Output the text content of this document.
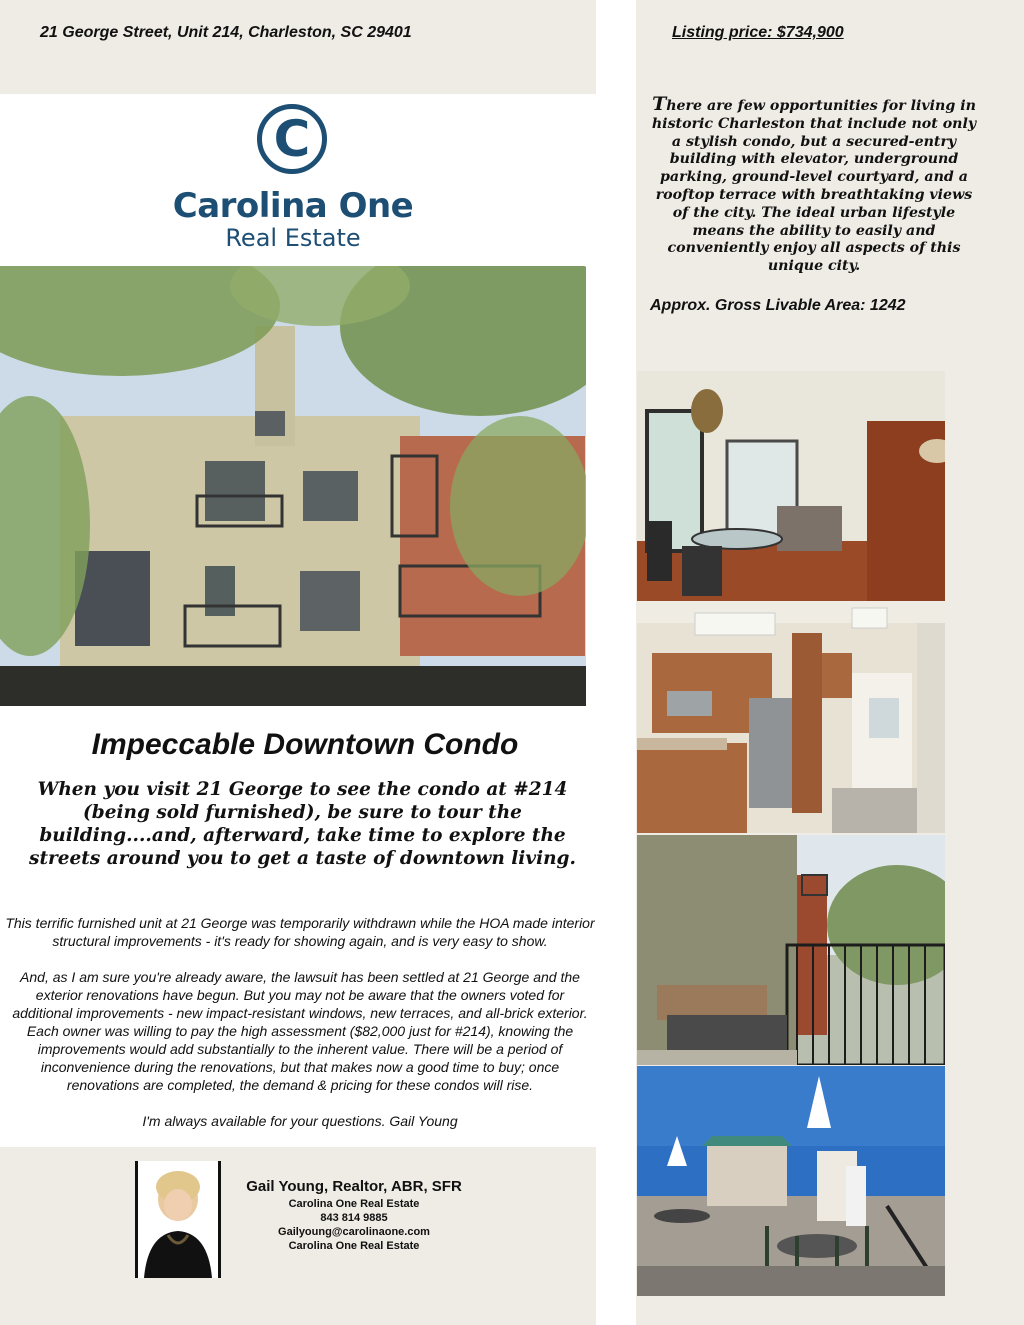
21 George Street, Unit 214, Charleston, SC 29401	Listing price: $734,900
C
Carolina One
Real Estate
Impeccable Downtown Condo
When you visit 21 George to see the condo at #214 (being sold furnished), be sure to tour the building....and, afterward, take time to explore the streets around you to get a taste of downtown living.

This terrific furnished unit at 21 George was temporarily withdrawn while the HOA made interior structural improvements - it's ready for showing again, and is very easy to show.

And, as I am sure you're already aware, the lawsuit has been settled at 21 George and the exterior renovations have begun. But you may not be aware that the owners voted for additional improvements - new impact-resistant windows, new terraces, and all-brick exterior. Each owner was willing to pay the high assessment ($82,000 just for #214), knowing the improvements would add substantially to the inherent value. There will be a period of inconvenience during the renovations, but that makes now a good time to buy; once renovations are completed, the demand & pricing for these condos will rise.

I'm always available for your questions. Gail Young

Gail Young, Realtor, ABR, SFR
Carolina One Real Estate
843 814 9885
Gailyoung@carolinaone.com
Carolina One Real Estate
There are few opportunities for living in historic Charleston that include not only a stylish condo, but a secured-entry building with elevator, underground parking, ground-level courtyard, and a rooftop terrace with breathtaking views of the city. The ideal urban lifestyle means the ability to easily and conveniently enjoy all aspects of this unique city.
Approx. Gross Livable Area: 1242
